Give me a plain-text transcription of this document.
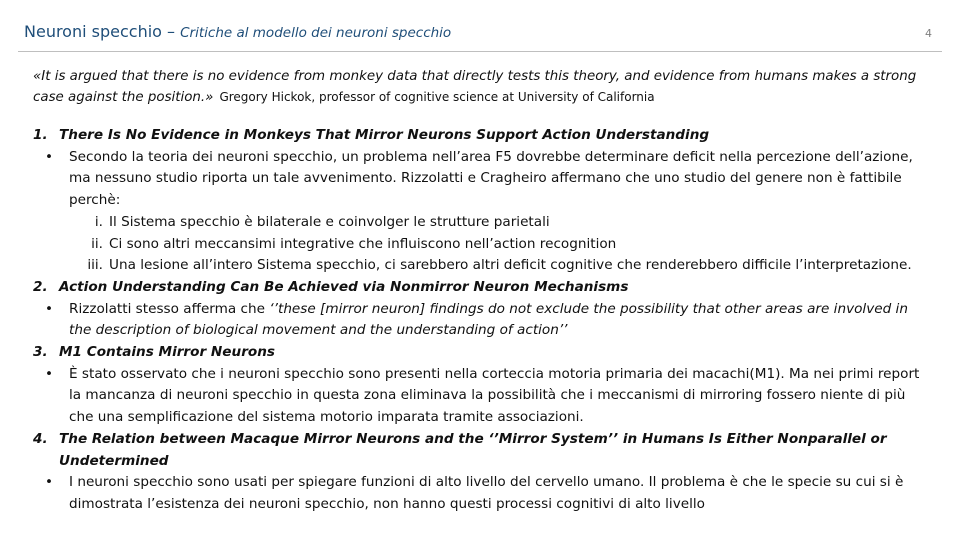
Neuroni specchio – Critiche al modello dei neuroni specchio	4
«It is argued that there is no evidence from monkey data that directly tests this theory, and evidence from humans makes a strong case against the position.» Gregory Hickok, professor of cognitive science at University of California
1. There Is No Evidence in Monkeys That Mirror Neurons Support Action Understanding
• Secondo la teoria dei neuroni specchio, un problema nell’area F5 dovrebbe determinare deficit nella percezione dell’azione, ma nessuno studio riporta un tale avvenimento. Rizzolatti e Cragheiro affermano che uno studio del genere non è fattibile perchè:
i. Il Sistema specchio è bilaterale e coinvolger le strutture parietali
ii. Ci sono altri meccansimi integrative che influiscono nell’action recognition
iii. Una lesione all’intero Sistema specchio, ci sarebbero altri deficit cognitive che renderebbero difficile l’interpretazione.
2. Action Understanding Can Be Achieved via Nonmirror Neuron Mechanisms
• Rizzolatti stesso afferma che ‘’these [mirror neuron] findings do not exclude the possibility that other areas are involved in the description of biological movement and the understanding of action’’
3. M1 Contains Mirror Neurons
• È stato osservato che i neuroni specchio sono presenti nella corteccia motoria primaria dei macachi(M1). Ma nei primi report la mancanza di neuroni specchio in questa zona eliminava la possibilità che i meccanismi di mirroring fossero niente di più che una semplificazione del sistema motorio imparata tramite associazioni.
4. The Relation between Macaque Mirror Neurons and the ‘’Mirror System’’ in Humans Is Either Nonparallel or Undetermined
• I neuroni specchio sono usati per spiegare funzioni di alto livello del cervello umano. Il problema è che le specie su cui si è dimostrata l’esistenza dei neuroni specchio, non hanno questi processi cognitivi di alto livello
